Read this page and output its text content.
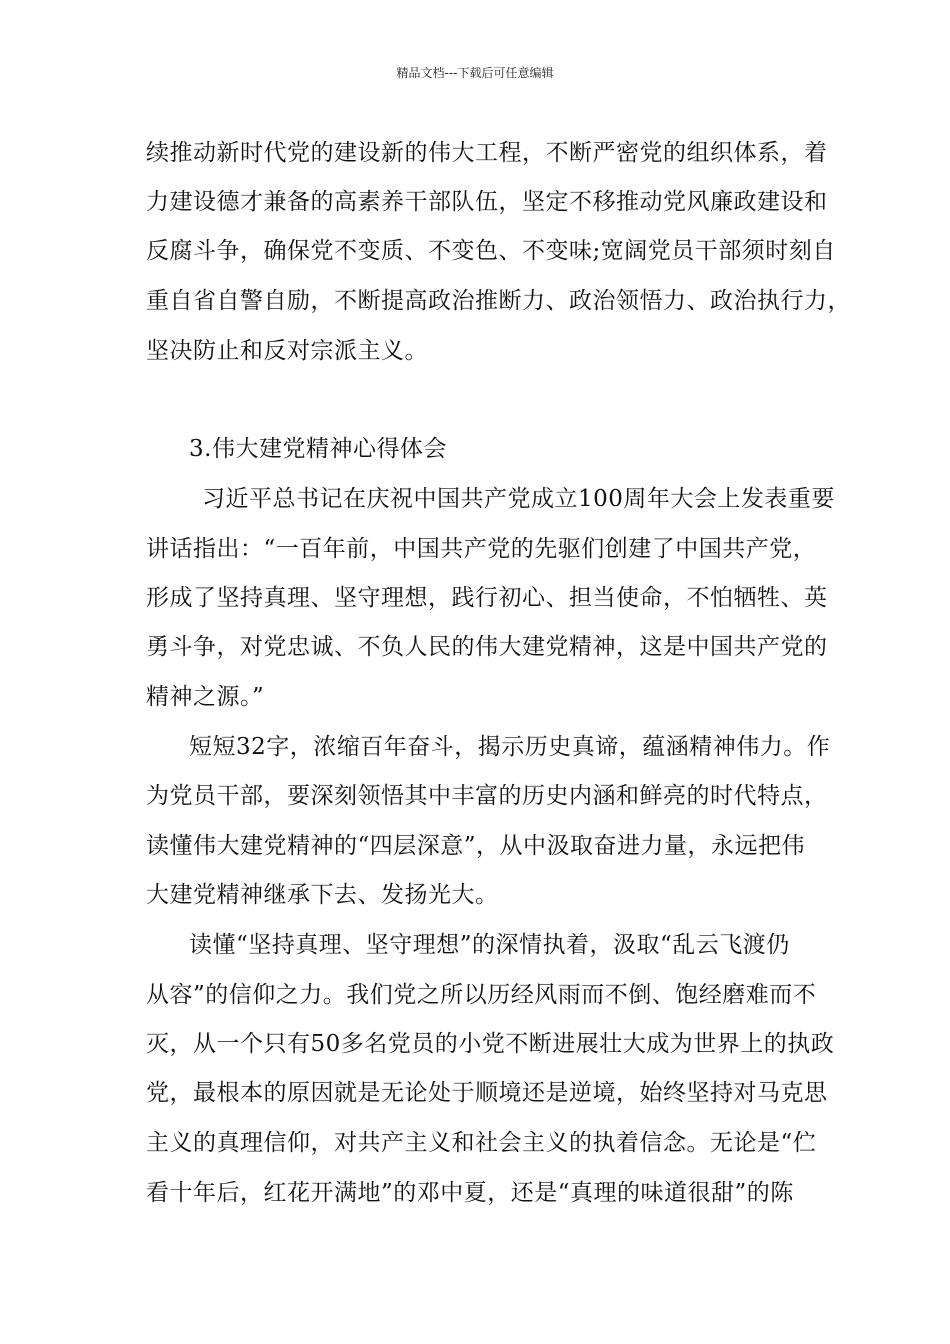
精品文档---下载后可任意编辑
续推动新时代党的建设新的伟大工程，不断严密党的组织体系，着
力建设德才兼备的高素养干部队伍，坚定不移推动党风廉政建设和
反腐斗争，确保党不变质、不变色、不变味;宽阔党员干部须时刻自
重自省自警自励，不断提高政治推断力、政治领悟力、政治执行力，
坚决防止和反对宗派主义。
3.伟大建党精神心得体会
习近平总书记在庆祝中国共产党成立100周年大会上发表重要
讲话指出：“一百年前，中国共产党的先驱们创建了中国共产党，
形成了坚持真理、坚守理想，践行初心、担当使命，不怕牺牲、英
勇斗争，对党忠诚、不负人民的伟大建党精神，这是中国共产党的
精神之源。”
短短32字，浓缩百年奋斗，揭示历史真谛，蕴涵精神伟力。作
为党员干部，要深刻领悟其中丰富的历史内涵和鲜亮的时代特点，
读懂伟大建党精神的“四层深意”，从中汲取奋进力量，永远把伟
大建党精神继承下去、发扬光大。
读懂“坚持真理、坚守理想”的深情执着，汲取“乱云飞渡仍
从容”的信仰之力。我们党之所以历经风雨而不倒、饱经磨难而不
灭，从一个只有50多名党员的小党不断进展壮大成为世界上的执政
党，最根本的原因就是无论处于顺境还是逆境，始终坚持对马克思
主义的真理信仰，对共产主义和社会主义的执着信念。无论是“伫
看十年后，红花开满地”的邓中夏，还是“真理的味道很甜”的陈
